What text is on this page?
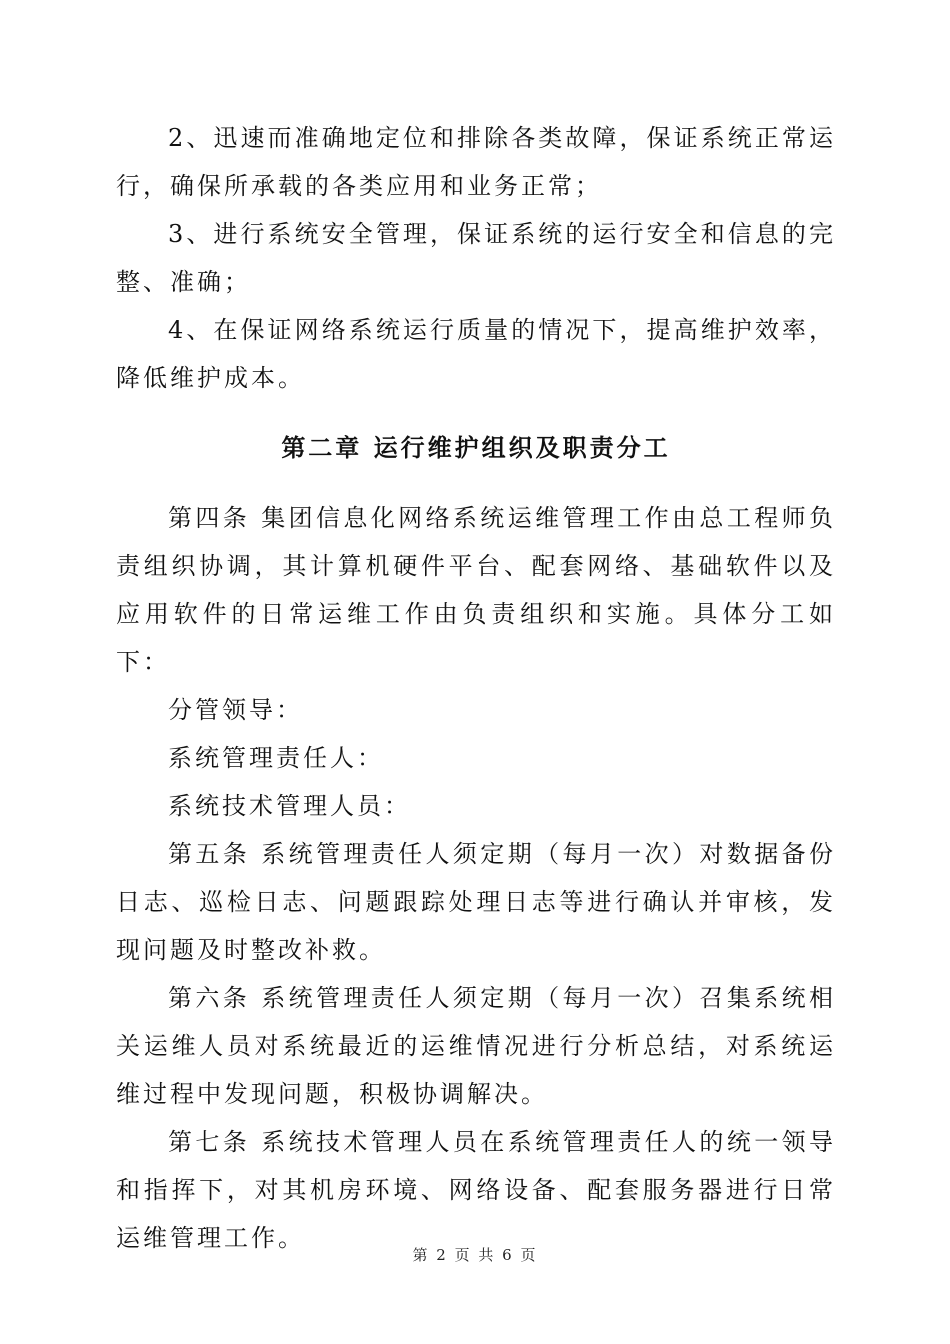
2、迅速而准确地定位和排除各类故障，保证系统正常运行，确保所承载的各类应用和业务正常；

3、进行系统安全管理，保证系统的运行安全和信息的完整、准确；

4、在保证网络系统运行质量的情况下，提高维护效率，降低维护成本。

第二章 运行维护组织及职责分工

第四条 集团信息化网络系统运维管理工作由总工程师负责组织协调，其计算机硬件平台、配套网络、基础软件以及应用软件的日常运维工作由负责组织和实施。具体分工如下：

分管领导：

系统管理责任人：

系统技术管理人员：

第五条 系统管理责任人须定期（每月一次）对数据备份日志、巡检日志、问题跟踪处理日志等进行确认并审核，发现问题及时整改补救。

第六条 系统管理责任人须定期（每月一次）召集系统相关运维人员对系统最近的运维情况进行分析总结，对系统运维过程中发现问题，积极协调解决。

第七条 系统技术管理人员在系统管理责任人的统一领导和指挥下，对其机房环境、网络设备、配套服务器进行日常运维管理工作。

第 2 页 共 6 页
